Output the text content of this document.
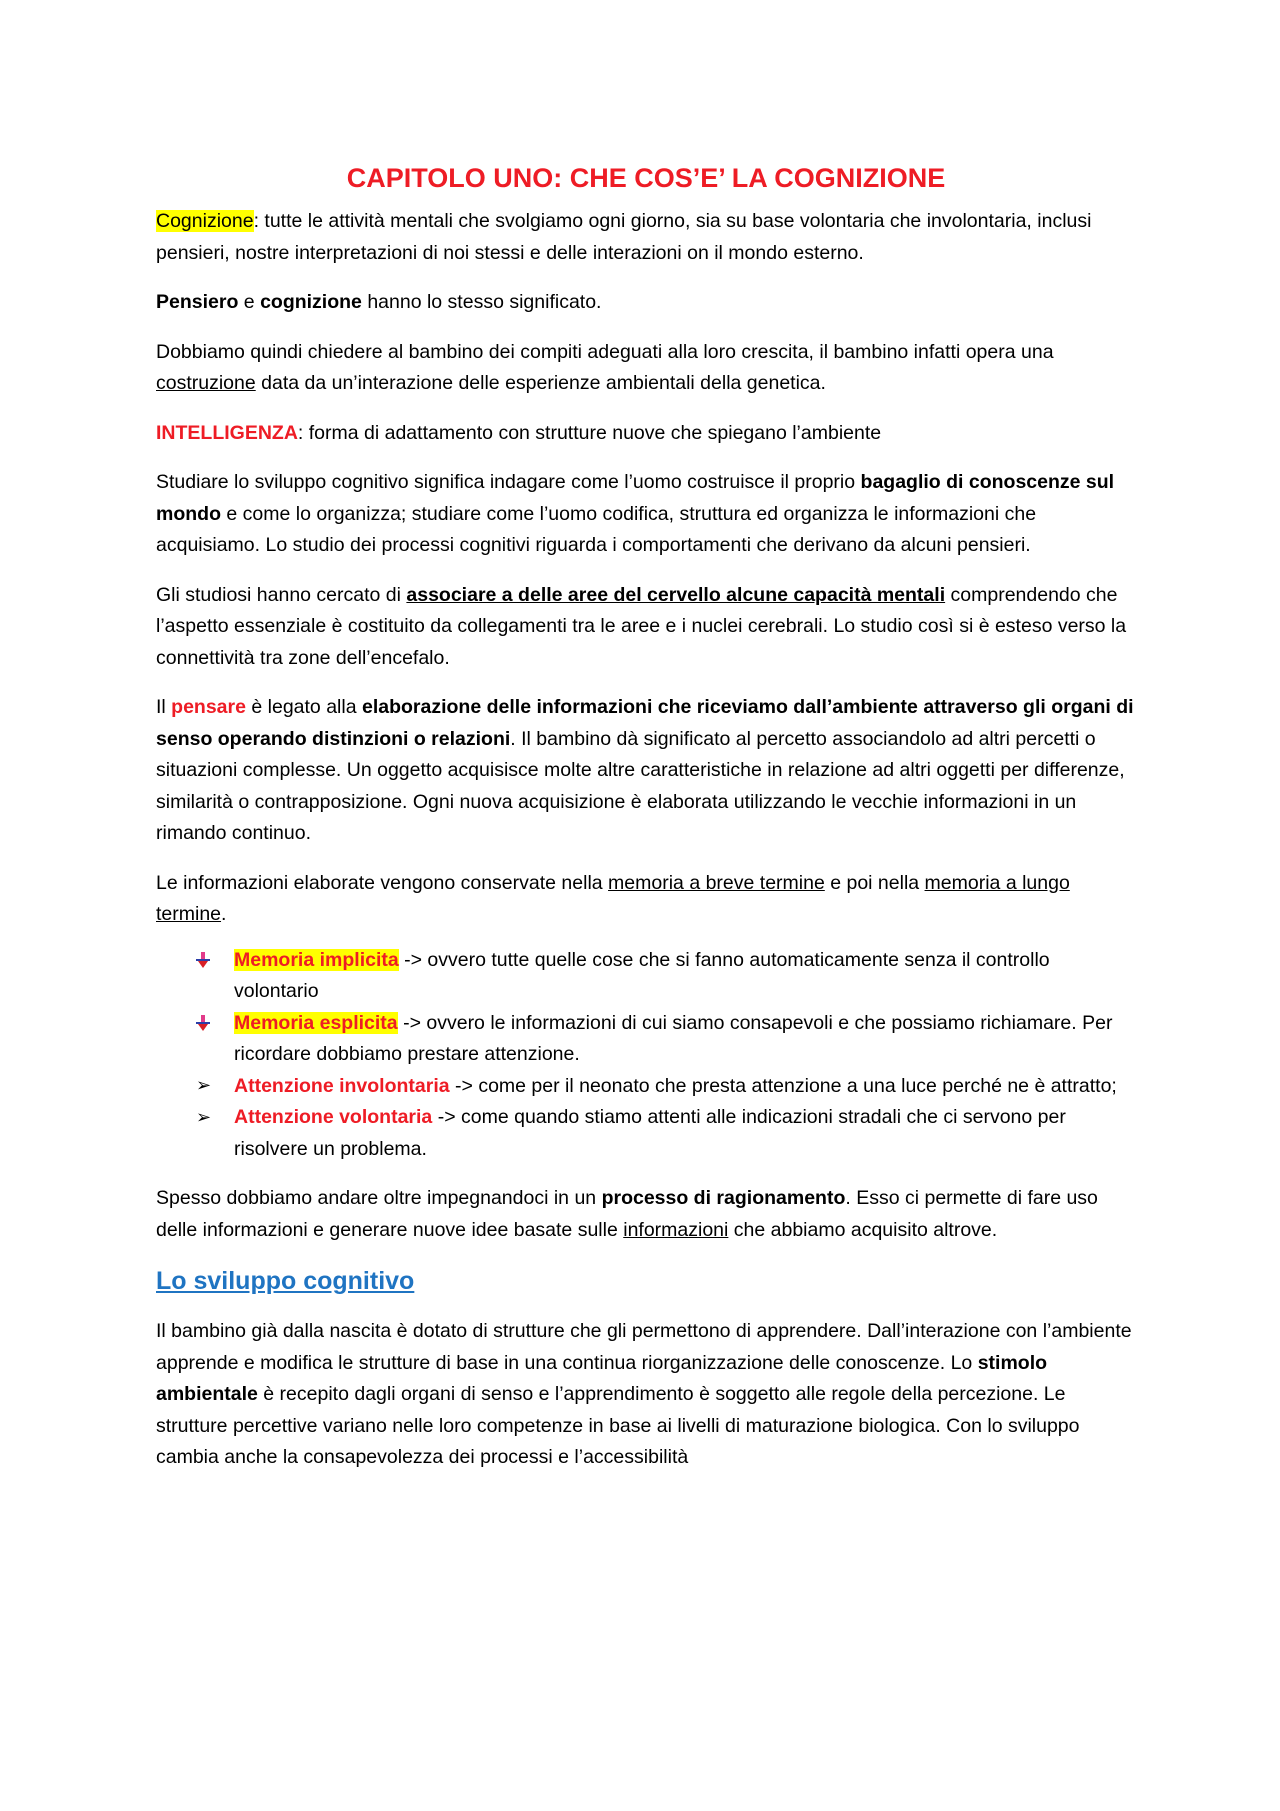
CAPITOLO UNO: CHE COS’E’ LA COGNIZIONE

Cognizione: tutte le attività mentali che svolgiamo ogni giorno, sia su base volontaria che involontaria, inclusi pensieri, nostre interpretazioni di noi stessi e delle interazioni on il mondo esterno.

Pensiero e cognizione hanno lo stesso significato.

Dobbiamo quindi chiedere al bambino dei compiti adeguati alla loro crescita, il bambino infatti opera una costruzione data da un’interazione delle esperienze ambientali della genetica.

INTELLIGENZA: forma di adattamento con strutture nuove che spiegano l’ambiente

Studiare lo sviluppo cognitivo significa indagare come l’uomo costruisce il proprio bagaglio di conoscenze sul mondo e come lo organizza; studiare come l’uomo codifica, struttura ed organizza le informazioni che acquisiamo. Lo studio dei processi cognitivi riguarda i comportamenti che derivano da alcuni pensieri.

Gli studiosi hanno cercato di associare a delle aree del cervello alcune capacità mentali comprendendo che l’aspetto essenziale è costituito da collegamenti tra le aree e i nuclei cerebrali. Lo studio così si è esteso verso la connettività tra zone dell’encefalo.

Il pensare è legato alla elaborazione delle informazioni che riceviamo dall’ambiente attraverso gli organi di senso operando distinzioni o relazioni. Il bambino dà significato al percetto associandolo ad altri percetti o situazioni complesse. Un oggetto acquisisce molte altre caratteristiche in relazione ad altri oggetti per differenze, similarità o contrapposizione. Ogni nuova acquisizione è elaborata utilizzando le vecchie informazioni in un rimando continuo.

Le informazioni elaborate vengono conservate nella memoria a breve termine e poi nella memoria a lungo termine.

Memoria implicita -> ovvero tutte quelle cose che si fanno automaticamente senza il controllo volontario
Memoria esplicita -> ovvero le informazioni di cui siamo consapevoli e che possiamo richiamare. Per ricordare dobbiamo prestare attenzione.
➢	Attenzione involontaria -> come per il neonato che presta attenzione a una luce perché ne è attratto;
➢	Attenzione volontaria -> come quando stiamo attenti alle indicazioni stradali che ci servono per risolvere un problema.

Spesso dobbiamo andare oltre impegnandoci in un processo di ragionamento. Esso ci permette di fare uso delle informazioni e generare nuove idee basate sulle informazioni che abbiamo acquisito altrove.

Lo sviluppo cognitivo

Il bambino già dalla nascita è dotato di strutture che gli permettono di apprendere. Dall’interazione con l’ambiente apprende e modifica le strutture di base in una continua riorganizzazione delle conoscenze. Lo stimolo ambientale è recepito dagli organi di senso e l’apprendimento è soggetto alle regole della percezione. Le strutture percettive variano nelle loro competenze in base ai livelli di maturazione biologica. Con lo sviluppo cambia anche la consapevolezza dei processi e l’accessibilità
